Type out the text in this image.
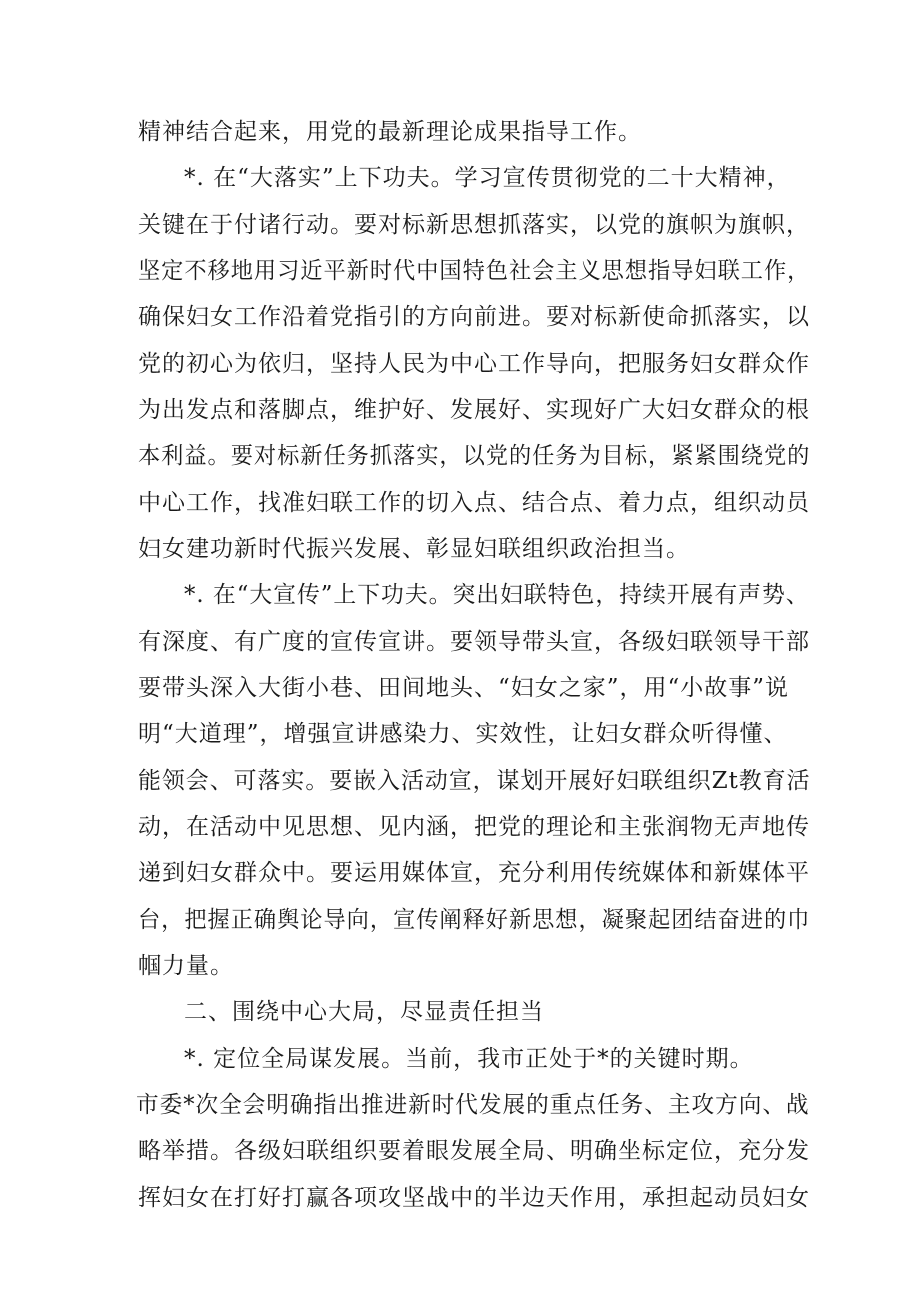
精神结合起来，用党的最新理论成果指导工作。
*. 在“大落实”上下功夫。学习宣传贯彻党的二十大精神，
关键在于付诸行动。要对标新思想抓落实，以党的旗帜为旗帜，
坚定不移地用习近平新时代中国特色社会主义思想指导妇联工作，
确保妇女工作沿着党指引的方向前进。要对标新使命抓落实，以
党的初心为依归，坚持人民为中心工作导向，把服务妇女群众作
为出发点和落脚点，维护好、发展好、实现好广大妇女群众的根
本利益。要对标新任务抓落实，以党的任务为目标，紧紧围绕党的
中心工作，找准妇联工作的切入点、结合点、着力点，组织动员
妇女建功新时代振兴发展、彰显妇联组织政治担当。
*. 在“大宣传”上下功夫。突出妇联特色，持续开展有声势、
有深度、有广度的宣传宣讲。要领导带头宣，各级妇联领导干部
要带头深入大街小巷、田间地头、“妇女之家”，用“小故事”说
明“大道理”，增强宣讲感染力、实效性，让妇女群众听得懂、
能领会、可落实。要嵌入活动宣，谋划开展好妇联组织Zt教育活
动，在活动中见思想、见内涵，把党的理论和主张润物无声地传
递到妇女群众中。要运用媒体宣，充分利用传统媒体和新媒体平
台，把握正确舆论导向，宣传阐释好新思想，凝聚起团结奋进的巾
帼力量。
二、围绕中心大局，尽显责任担当
*. 定位全局谋发展。当前，我市正处于*的关键时期。
市委*次全会明确指出推进新时代发展的重点任务、主攻方向、战
略举措。各级妇联组织要着眼发展全局、明确坐标定位，充分发
挥妇女在打好打赢各项攻坚战中的半边天作用，承担起动员妇女
